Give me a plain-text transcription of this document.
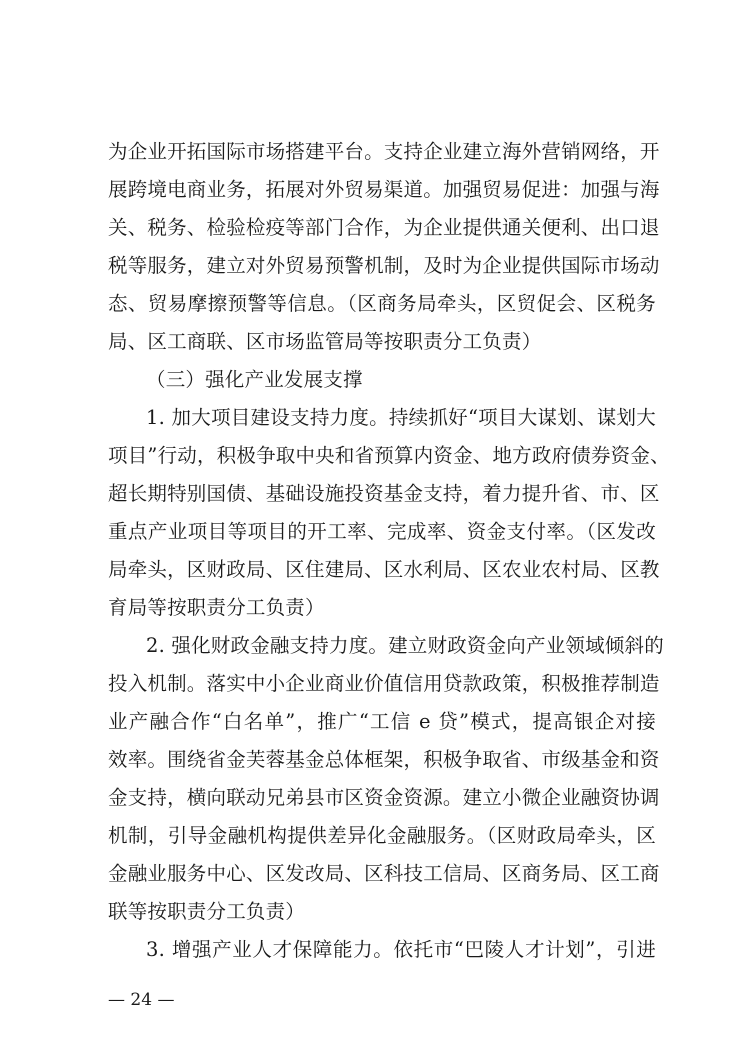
为企业开拓国际市场搭建平台。支持企业建立海外营销网络，开
展跨境电商业务，拓展对外贸易渠道。加强贸易促进：加强与海
关、税务、检验检疫等部门合作，为企业提供通关便利、出口退
税等服务，建立对外贸易预警机制，及时为企业提供国际市场动
态、贸易摩擦预警等信息。（区商务局牵头，区贸促会、区税务
局、区工商联、区市场监管局等按职责分工负责）
（三）强化产业发展支撑
1. 加大项目建设支持力度。持续抓好“项目大谋划、谋划大
项目”行动，积极争取中央和省预算内资金、地方政府债券资金、
超长期特别国债、基础设施投资基金支持，着力提升省、市、区
重点产业项目等项目的开工率、完成率、资金支付率。（区发改
局牵头，区财政局、区住建局、区水利局、区农业农村局、区教
育局等按职责分工负责）
2. 强化财政金融支持力度。建立财政资金向产业领域倾斜的
投入机制。落实中小企业商业价值信用贷款政策，积极推荐制造
业产融合作“白名单”，推广“工信 e 贷”模式，提高银企对接
效率。围绕省金芙蓉基金总体框架，积极争取省、市级基金和资
金支持，横向联动兄弟县市区资金资源。建立小微企业融资协调
机制，引导金融机构提供差异化金融服务。（区财政局牵头，区
金融业服务中心、区发改局、区科技工信局、区商务局、区工商
联等按职责分工负责）
3. 增强产业人才保障能力。依托市“巴陵人才计划”，引进
— 24 —
